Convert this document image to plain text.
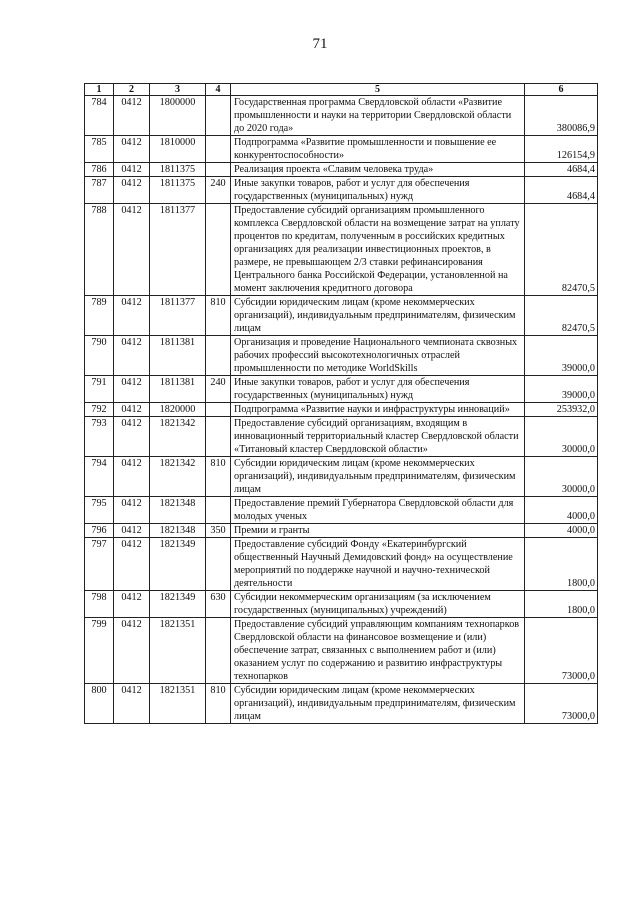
71
1	2	3	4	5	6
784	0412	1800000		Государственная программа Свердловской области «Развитие промышленности и науки на территории Свердловской области до 2020 года»	380086,9
785	0412	1810000		Подпрограмма «Развитие промышленности и повышение ее конкурентоспособности»	126154,9
786	0412	1811375		Реализация проекта «Славим человека труда»	4684,4
787	0412	1811375	240	Иные закупки товаров, работ и услуг для обеспечения государственных (муниципальных) нужд	4684,4
788	0412	1811377		Предоставление субсидий организациям промышленного комплекса Свердловской области на возмещение затрат на уплату процентов по кредитам, полученным в российских кредитных организациях для реализации инвестиционных проектов, в размере, не превышающем 2/3 ставки рефинансирования Центрального банка Российской Федерации, установленной на момент заключения кредитного договора	82470,5
789	0412	1811377	810	Субсидии юридическим лицам (кроме некоммерческих организаций), индивидуальным предпринимателям, физическим лицам	82470,5
790	0412	1811381		Организация и проведение Национального чемпионата сквозных рабочих профессий высокотехнологичных отраслей промышленности по методике WorldSkills	39000,0
791	0412	1811381	240	Иные закупки товаров, работ и услуг для обеспечения государственных (муниципальных) нужд	39000,0
792	0412	1820000		Подпрограмма «Развитие науки и инфраструктуры инноваций»	253932,0
793	0412	1821342		Предоставление субсидий организациям, входящим в инновационный территориальный кластер Свердловской области «Титановый кластер Свердловской области»	30000,0
794	0412	1821342	810	Субсидии юридическим лицам (кроме некоммерческих организаций), индивидуальным предпринимателям, физическим лицам	30000,0
795	0412	1821348		Предоставление премий Губернатора Свердловской области для молодых ученых	4000,0
796	0412	1821348	350	Премии и гранты	4000,0
797	0412	1821349		Предоставление субсидий Фонду «Екатеринбургский общественный Научный Демидовский фонд» на осуществление мероприятий по поддержке научной и научно-технической деятельности	1800,0
798	0412	1821349	630	Субсидии некоммерческим организациям (за исключением государственных (муниципальных) учреждений)	1800,0
799	0412	1821351		Предоставление субсидий управляющим компаниям технопарков Свердловской области на финансовое возмещение и (или) обеспечение затрат, связанных с выполнением работ и (или) оказанием услуг по содержанию и развитию инфраструктуры технопарков	73000,0
800	0412	1821351	810	Субсидии юридическим лицам (кроме некоммерческих организаций), индивидуальным предпринимателям, физическим лицам	73000,0
